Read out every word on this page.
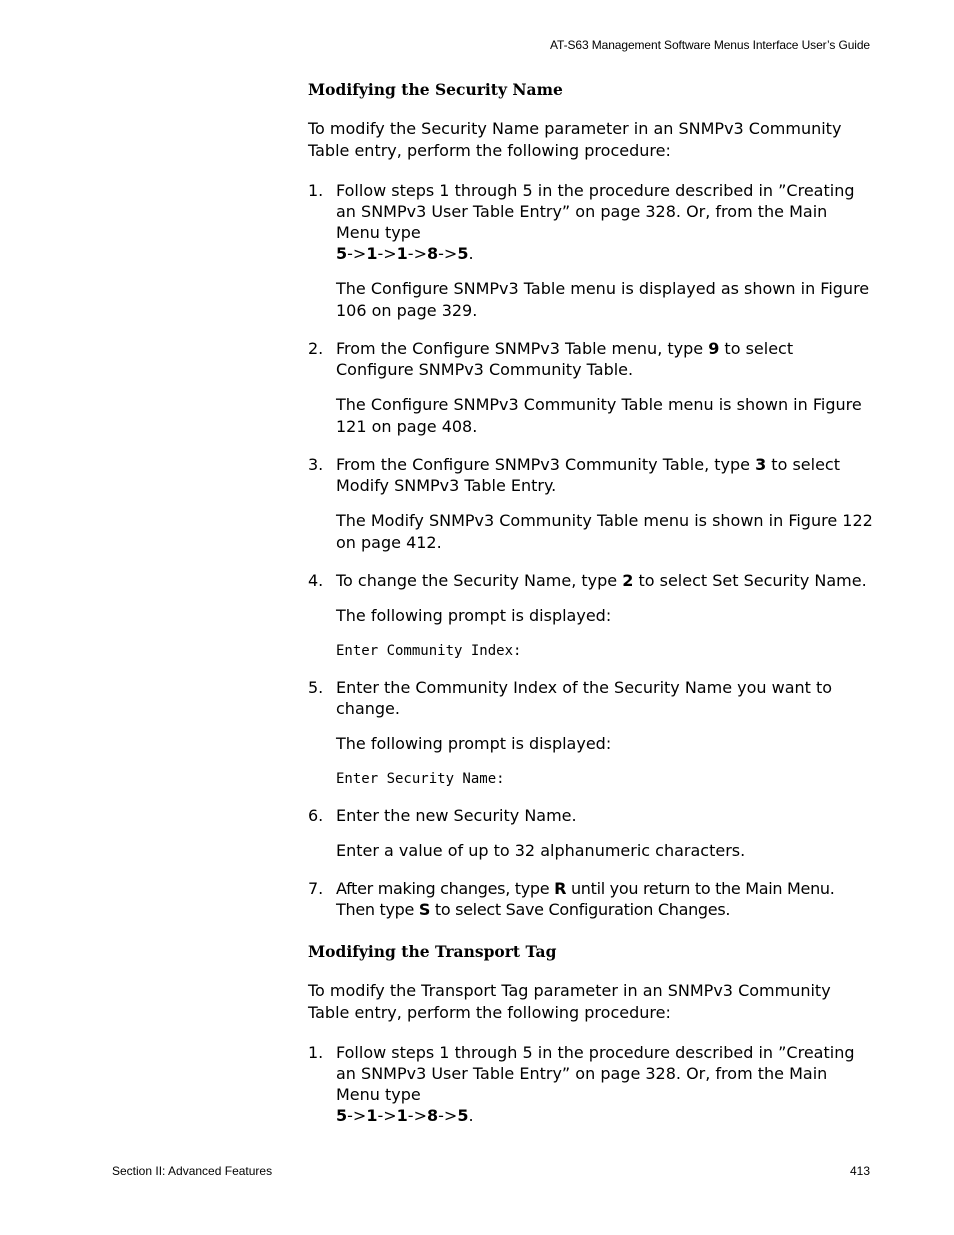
AT-S63 Management Software Menus Interface User’s Guide
Modifying the Security Name

To modify the Security Name parameter in an SNMPv3 Community Table entry, perform the following procedure:

1. Follow steps 1 through 5 in the procedure described in ”Creating an SNMPv3 User Table Entry” on page 328. Or, from the Main Menu type
5->1->1->8->5.

The Configure SNMPv3 Table menu is displayed as shown in Figure 106 on page 329.

2. From the Configure SNMPv3 Table menu, type 9 to select Configure SNMPv3 Community Table.

The Configure SNMPv3 Community Table menu is shown in Figure 121 on page 408.

3. From the Configure SNMPv3 Community Table, type 3 to select Modify SNMPv3 Table Entry.

The Modify SNMPv3 Community Table menu is shown in Figure 122 on page 412.

4. To change the Security Name, type 2 to select Set Security Name.

The following prompt is displayed:

Enter Community Index:

5. Enter the Community Index of the Security Name you want to change.

The following prompt is displayed:

Enter Security Name:

6. Enter the new Security Name.

Enter a value of up to 32 alphanumeric characters.

7. After making changes, type R until you return to the Main Menu. Then type S to select Save Configuration Changes.

Modifying the Transport Tag

To modify the Transport Tag parameter in an SNMPv3 Community Table entry, perform the following procedure:

1. Follow steps 1 through 5 in the procedure described in ”Creating an SNMPv3 User Table Entry” on page 328. Or, from the Main Menu type
5->1->1->8->5.

Section II: Advanced Features	413
